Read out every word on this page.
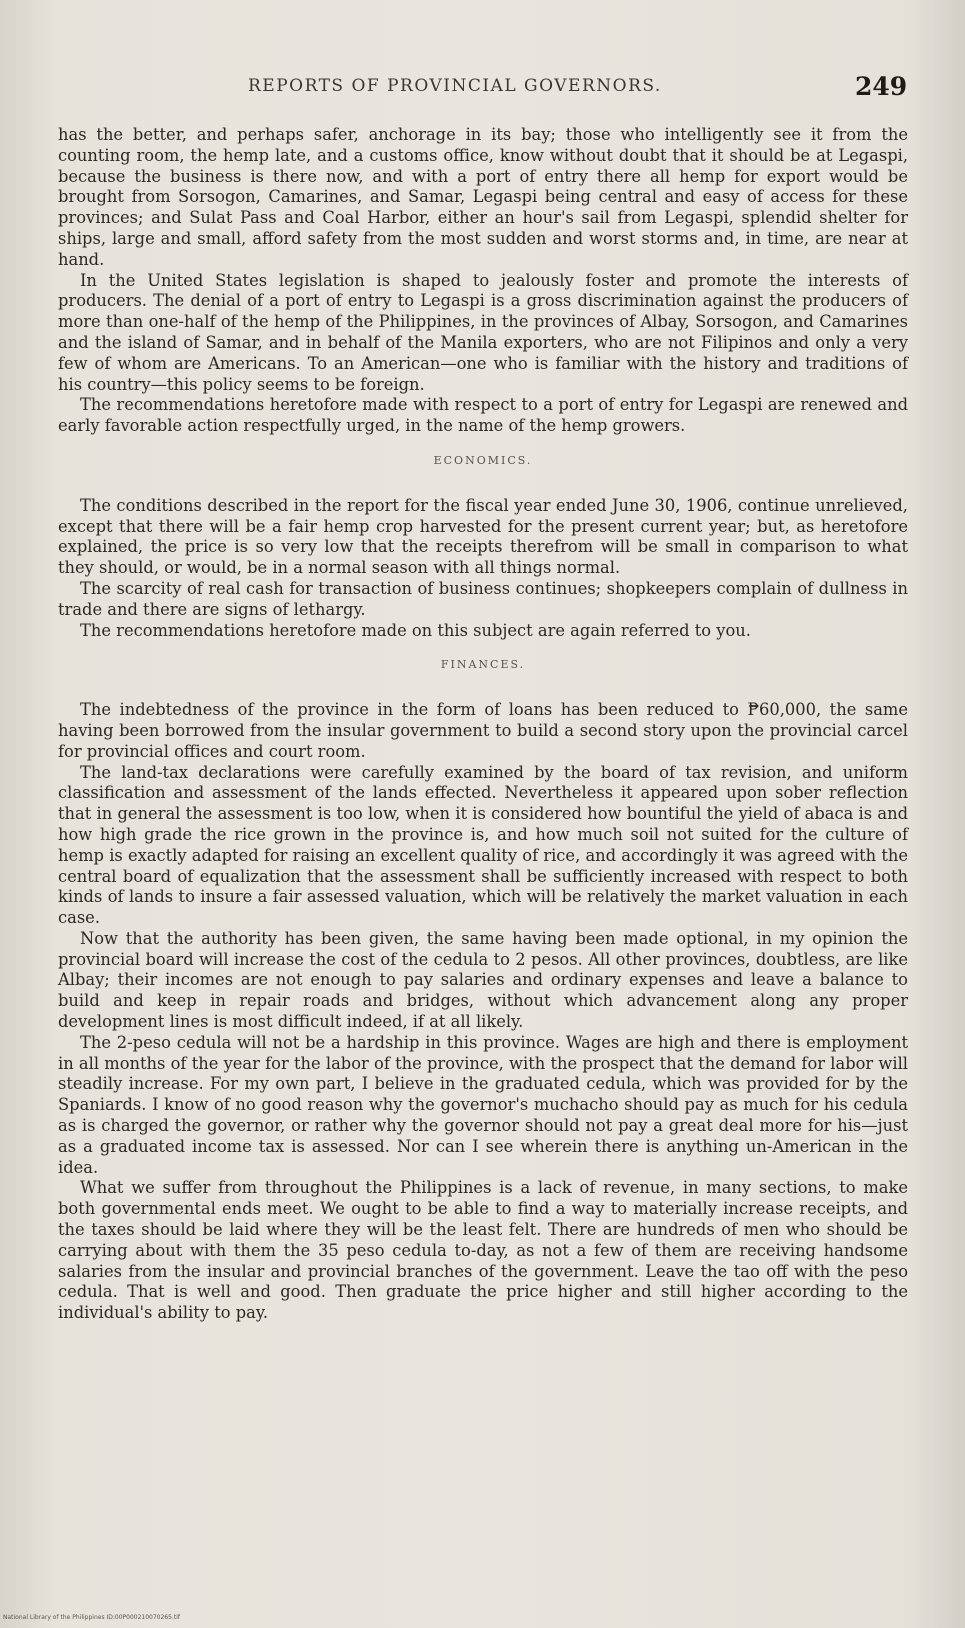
REPORTS OF PROVINCIAL GOVERNORS.	249

has the better, and perhaps safer, anchorage in its bay; those who intelligently see it from the counting room, the hemp late, and a customs office, know without doubt that it should be at Legaspi, because the business is there now, and with a port of entry there all hemp for export would be brought from Sorsogon, Camarines, and Samar, Legaspi being central and easy of access for these provinces; and Sulat Pass and Coal Harbor, either an hour's sail from Legaspi, splendid shelter for ships, large and small, afford safety from the most sudden and worst storms and, in time, are near at hand.

In the United States legislation is shaped to jealously foster and promote the interests of producers. The denial of a port of entry to Legaspi is a gross discrimination against the producers of more than one-half of the hemp of the Philippines, in the provinces of Albay, Sorsogon, and Camarines and the island of Samar, and in behalf of the Manila exporters, who are not Filipinos and only a very few of whom are Americans. To an American—one who is familiar with the history and traditions of his country—this policy seems to be foreign.

The recommendations heretofore made with respect to a port of entry for Legaspi are renewed and early favorable action respectfully urged, in the name of the hemp growers.

ECONOMICS.

The conditions described in the report for the fiscal year ended June 30, 1906, continue unrelieved, except that there will be a fair hemp crop harvested for the present current year; but, as heretofore explained, the price is so very low that the receipts therefrom will be small in comparison to what they should, or would, be in a normal season with all things normal.

The scarcity of real cash for transaction of business continues; shopkeepers complain of dullness in trade and there are signs of lethargy.

The recommendations heretofore made on this subject are again referred to you.

FINANCES.

The indebtedness of the province in the form of loans has been reduced to ₱60,000, the same having been borrowed from the insular government to build a second story upon the provincial carcel for provincial offices and court room.

The land-tax declarations were carefully examined by the board of tax revision, and uniform classification and assessment of the lands effected. Nevertheless it appeared upon sober reflection that in general the assessment is too low, when it is considered how bountiful the yield of abaca is and how high grade the rice grown in the province is, and how much soil not suited for the culture of hemp is exactly adapted for raising an excellent quality of rice, and accordingly it was agreed with the central board of equalization that the assessment shall be sufficiently increased with respect to both kinds of lands to insure a fair assessed valuation, which will be relatively the market valuation in each case.

Now that the authority has been given, the same having been made optional, in my opinion the provincial board will increase the cost of the cedula to 2 pesos. All other provinces, doubtless, are like Albay; their incomes are not enough to pay salaries and ordinary expenses and leave a balance to build and keep in repair roads and bridges, without which advancement along any proper development lines is most difficult indeed, if at all likely.

The 2-peso cedula will not be a hardship in this province. Wages are high and there is employment in all months of the year for the labor of the province, with the prospect that the demand for labor will steadily increase. For my own part, I believe in the graduated cedula, which was provided for by the Spaniards. I know of no good reason why the governor's muchacho should pay as much for his cedula as is charged the governor, or rather why the governor should not pay a great deal more for his—just as a graduated income tax is assessed. Nor can I see wherein there is anything un-American in the idea.

What we suffer from throughout the Philippines is a lack of revenue, in many sections, to make both governmental ends meet. We ought to be able to find a way to materially increase receipts, and the taxes should be laid where they will be the least felt. There are hundreds of men who should be carrying about with them the 35 peso cedula to-day, as not a few of them are receiving handsome salaries from the insular and provincial branches of the government. Leave the tao off with the peso cedula. That is well and good. Then graduate the price higher and still higher according to the individual's ability to pay.

National Library of the Philippines ID:00P000210070265.tif
